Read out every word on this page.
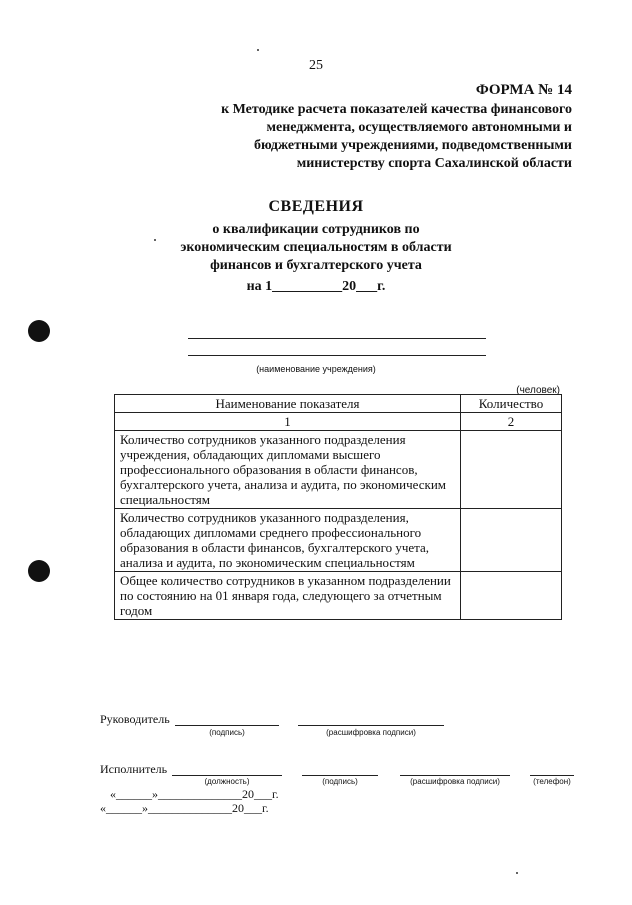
25
ФОРМА № 14
к Методике расчета показателей качества финансового
менеджмента, осуществляемого автономными и
бюджетными учреждениями, подведомственными
министерству спорта Сахалинской области
СВЕДЕНИЯ
о квалификации сотрудников по
экономическим специальностям в области
финансов и бухгалтерского учета
на 1__________20___г.
(наименование учреждения)
(человек)
Наименование показателя	Количество
1	2
Количество сотрудников указанного подразделения учреждения, обладающих дипломами высшего профессионального образования в области финансов, бухгалтерского учета, анализа и аудита, по экономическим специальностям	
Количество сотрудников указанного подразделения, обладающих дипломами среднего профессионального образования в области финансов, бухгалтерского учета, анализа и аудита, по экономическим специальностям	
Общее количество сотрудников в указанном подразделении по состоянию на 01 января года, следующего за отчетным годом	
Руководитель
(подпись)	(расшифровка подписи)
Исполнитель
(должность)	(подпись)	(расшифровка подписи)	(телефон)
«______»______________20___г.
«______»______________20___г.
